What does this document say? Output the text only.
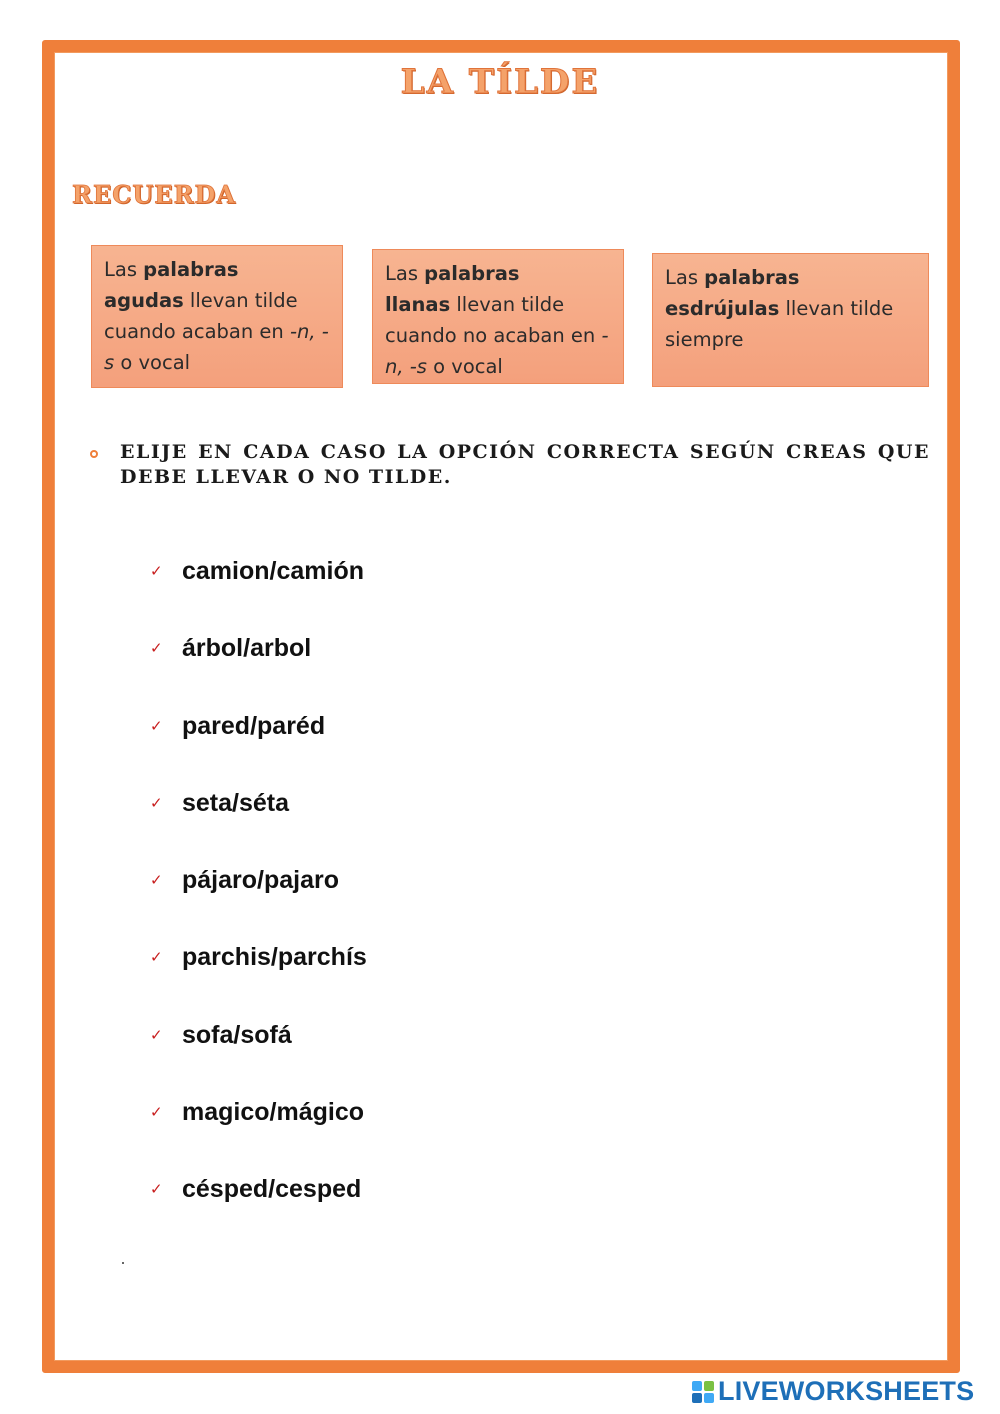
LA TÍLDE
RECUERDA
Las palabras
agudas llevan tilde cuando acaban en -n, -s o vocal
Las palabras
llanas llevan tilde cuando no acaban en -n, -s o vocal
Las palabras
esdrújulas llevan tilde siempre
ELIJE EN CADA CASO LA OPCIÓN CORRECTA SEGÚN CREAS QUE DEBE LLEVAR O NO TILDE.
✓ camion/camión
✓ árbol/arbol
✓ pared/paréd
✓ seta/séta
✓ pájaro/pajaro
✓ parchis/parchís
✓ sofa/sofá
✓ magico/mágico
✓ césped/cesped
LIVEWORKSHEETS
